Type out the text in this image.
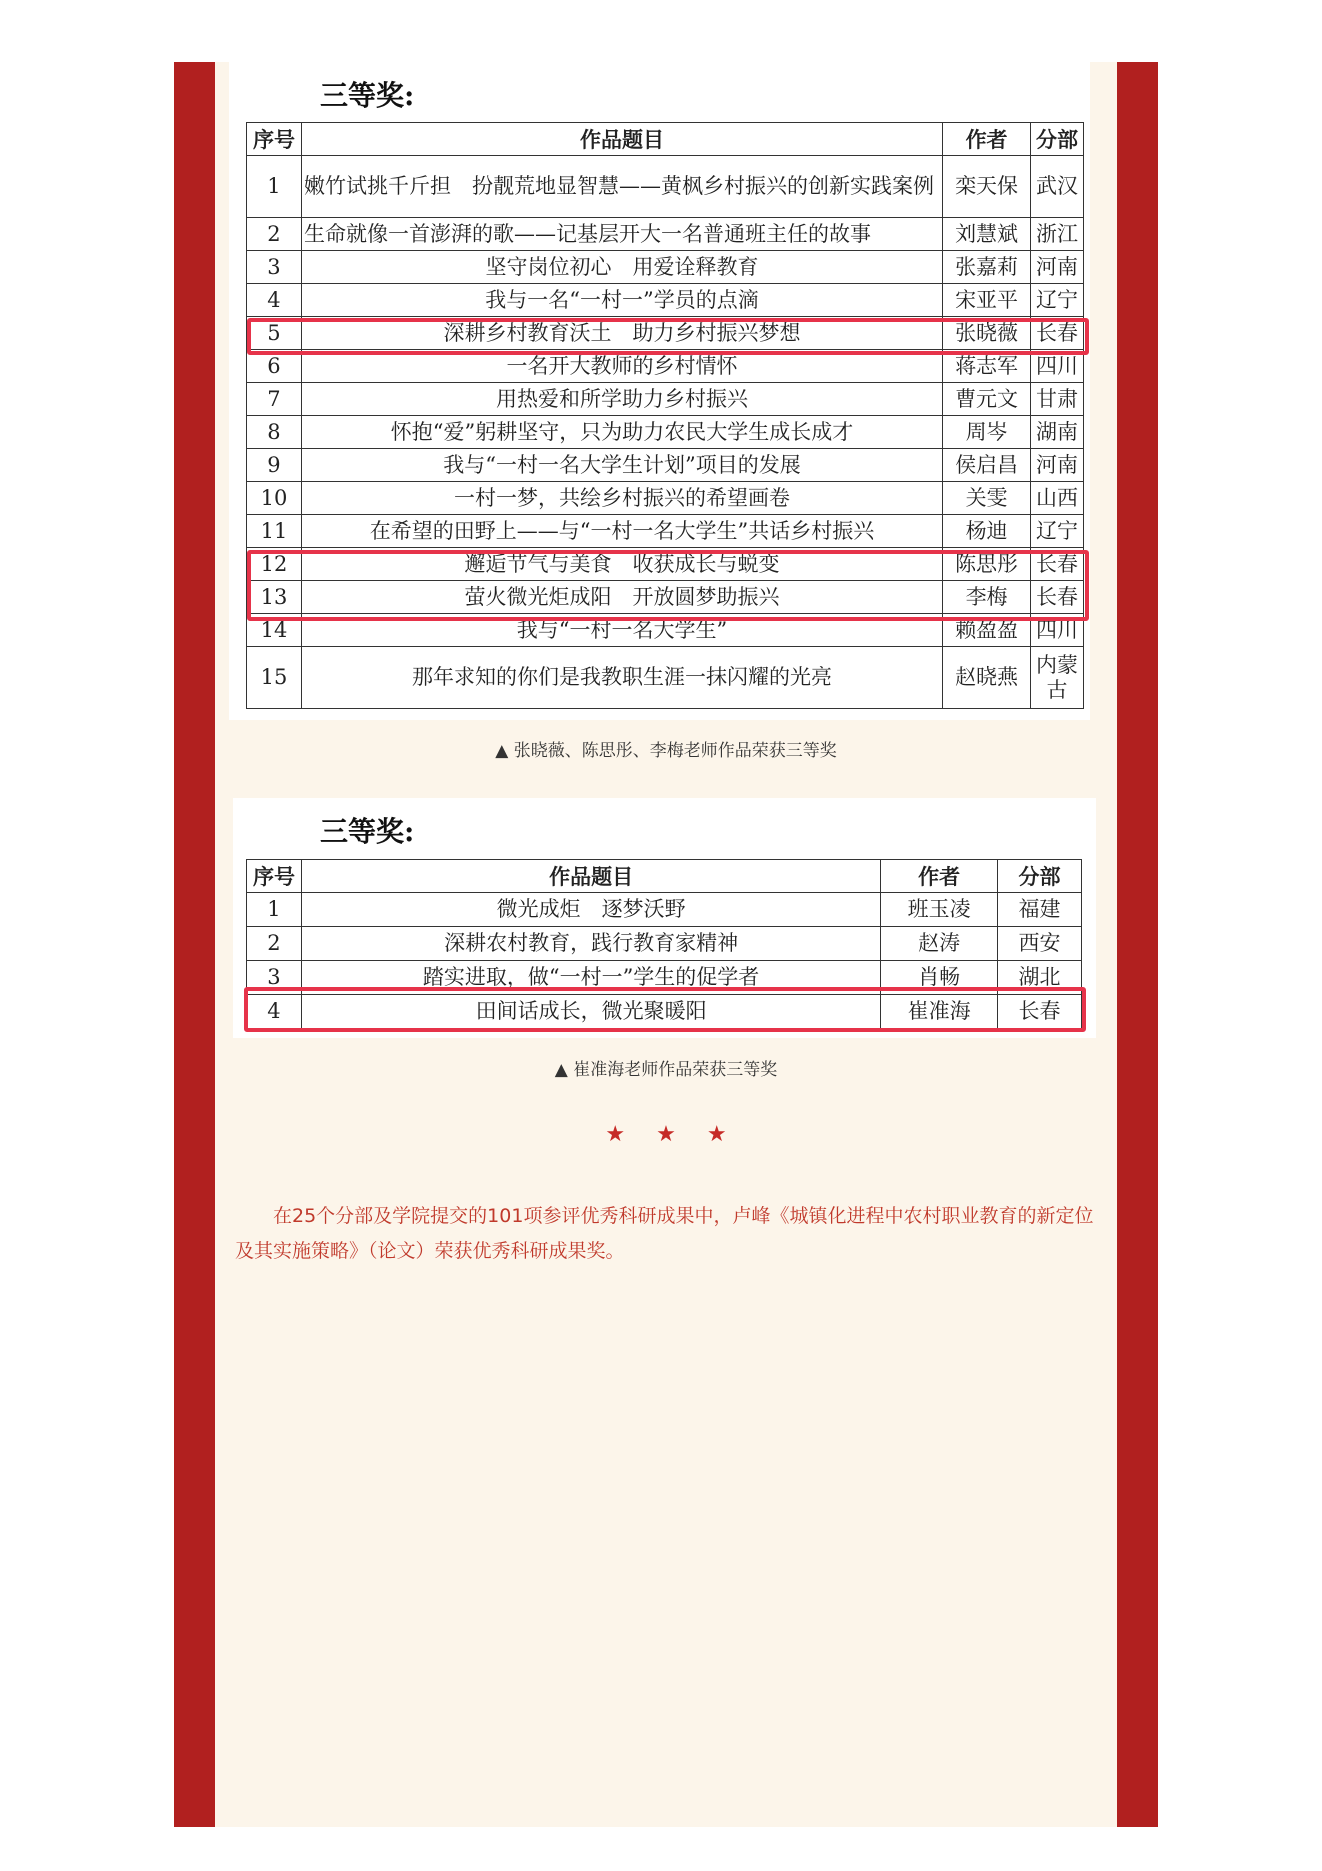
三等奖:
序号	作品题目	作者	分部
1	嫩竹试挑千斤担　扮靓荒地显智慧——黄枫乡村振兴的创新实践案例	栾天保	武汉
2	生命就像一首澎湃的歌——记基层开大一名普通班主任的故事	刘慧斌	浙江
3	坚守岗位初心　用爱诠释教育	张嘉莉	河南
4	我与一名“一村一”学员的点滴	宋亚平	辽宁
5	深耕乡村教育沃土　助力乡村振兴梦想	张晓薇	长春
6	一名开大教师的乡村情怀	蒋志军	四川
7	用热爱和所学助力乡村振兴	曹元文	甘肃
8	怀抱“爱”躬耕坚守，只为助力农民大学生成长成才	周岑	湖南
9	我与“一村一名大学生计划”项目的发展	侯启昌	河南
10	一村一梦，共绘乡村振兴的希望画卷	关雯	山西
11	在希望的田野上——与“一村一名大学生”共话乡村振兴	杨迪	辽宁
12	邂逅节气与美食　收获成长与蜕变	陈思彤	长春
13	萤火微光炬成阳　开放圆梦助振兴	李梅	长春
14	我与“一村一名大学生”	赖盈盈	四川
15	那年求知的你们是我教职生涯一抹闪耀的光亮	赵晓燕	内蒙古
▲ 张晓薇、陈思彤、李梅老师作品荣获三等奖
三等奖:
序号	作品题目	作者	分部
1	微光成炬　逐梦沃野	班玉凌	福建
2	深耕农村教育，践行教育家精神	赵涛	西安
3	踏实进取，做“一村一”学生的促学者	肖畅	湖北
4	田间话成长，微光聚暖阳	崔准海	长春
▲ 崔准海老师作品荣获三等奖
★ ★ ★

在25个分部及学院提交的101项参评优秀科研成果中，卢峰《城镇化进程中农村职业教育的新定位及其实施策略》（论文）荣获优秀科研成果奖。
